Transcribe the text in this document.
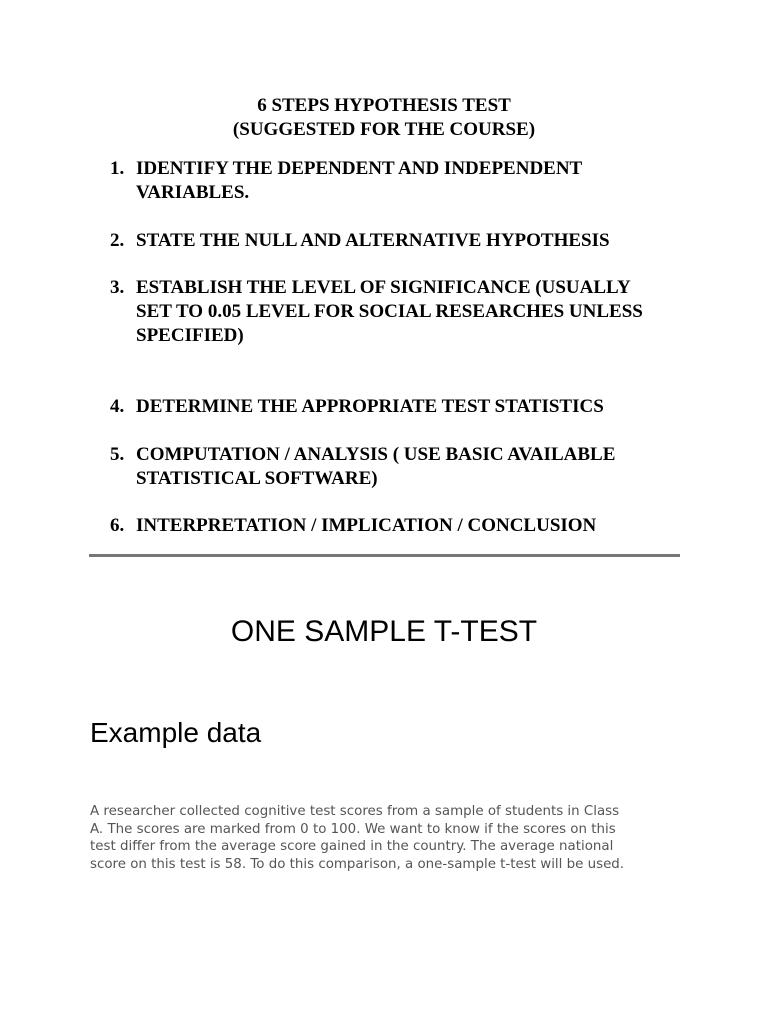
6 STEPS HYPOTHESIS TEST
(SUGGESTED FOR THE COURSE)
1. IDENTIFY THE DEPENDENT AND INDEPENDENT
VARIABLES.
2. STATE THE NULL AND ALTERNATIVE HYPOTHESIS
3. ESTABLISH THE LEVEL OF SIGNIFICANCE (USUALLY
SET TO 0.05 LEVEL FOR SOCIAL RESEARCHES UNLESS
SPECIFIED)
4. DETERMINE THE APPROPRIATE TEST STATISTICS
5. COMPUTATION / ANALYSIS ( USE BASIC AVAILABLE
STATISTICAL SOFTWARE)
6. INTERPRETATION / IMPLICATION / CONCLUSION
ONE SAMPLE T-TEST
Example data
A researcher collected cognitive test scores from a sample of students in Class
A. The scores are marked from 0 to 100. We want to know if the scores on this
test differ from the average score gained in the country. The average national
score on this test is 58. To do this comparison, a one-sample t-test will be used.
